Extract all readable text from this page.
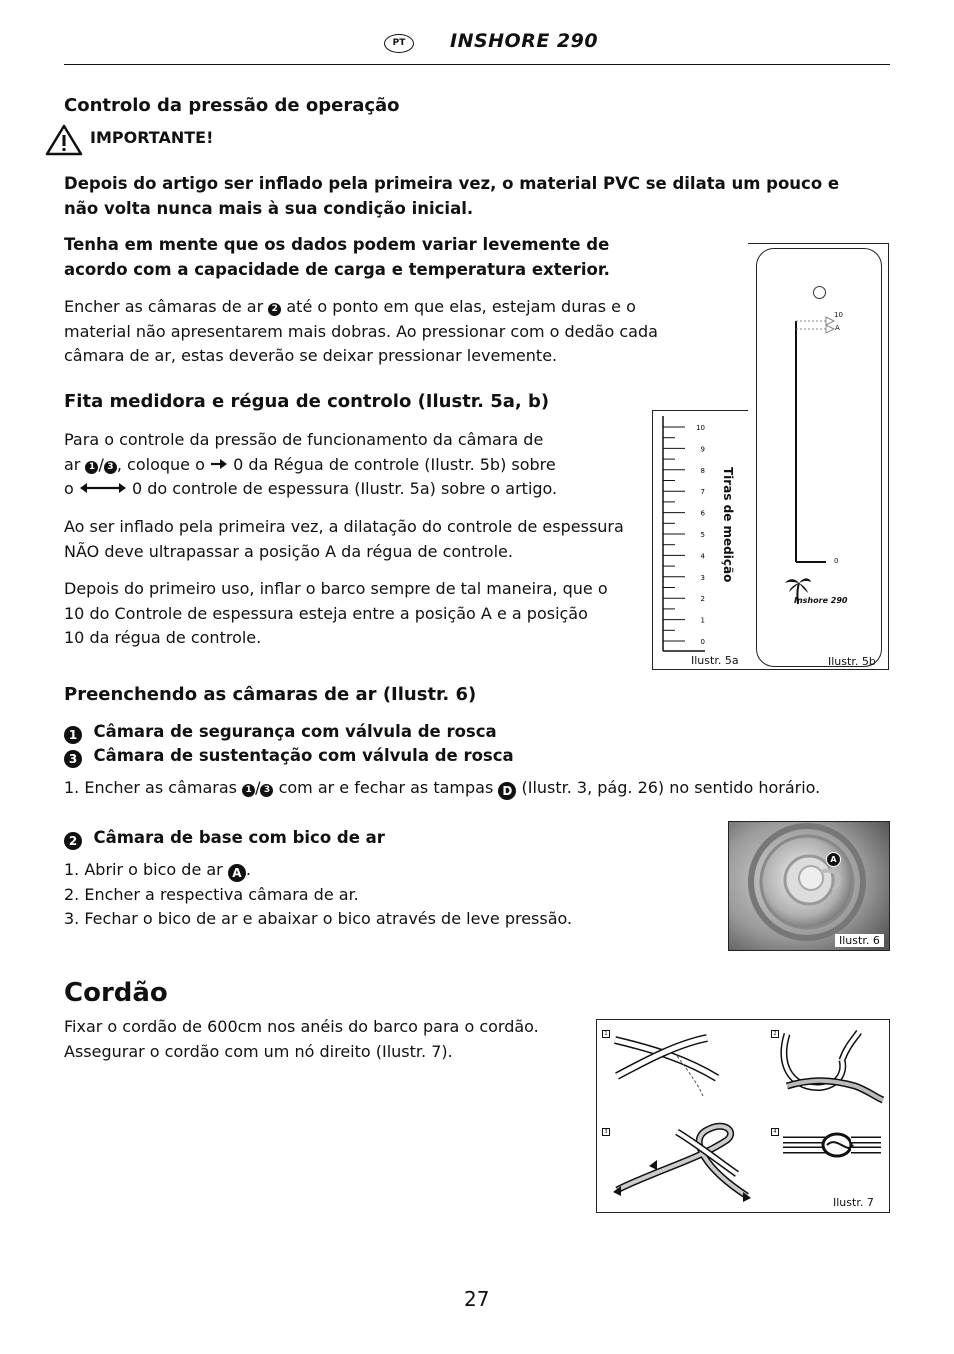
PT	INSHORE 290
Controlo da pressão de operação
IMPORTANTE!
Depois do artigo ser inflado pela primeira vez, o material PVC se dilata um pouco e
não volta nunca mais à sua condição inicial.
Tenha em mente que os dados podem variar levemente de
acordo com a capacidade de carga e temperatura exterior.
Encher as câmaras de ar 2 até o ponto em que elas, estejam duras e o
material não apresentarem mais dobras. Ao pressionar com o dedão cada
câmara de ar, estas deverão se deixar pressionar levemente.
Fita medidora e régua de controlo (Ilustr. 5a, b)
Para o controle da pressão de funcionamento da câmara de
ar 1 / 3 , coloque o 0 da Régua de controle (Ilustr. 5b) sobre
o	0 do controle de espessura (Ilustr. 5a) sobre o artigo.
Ao ser inflado pela primeira vez, a dilatação do controle de espessura
NÃO deve ultrapassar a posição A da régua de controle.
Depois do primeiro uso, inflar o barco sempre de tal maneira, que o
10 do Controle de espessura esteja entre a posição A e a posição
10 da régua de controle.
10
9
8
7
6
5
4
3
2
1
0
Tiras de medição
Ilustr. 5a
10
A
0
Inshore 290
Ilustr. 5b
Preenchendo as câmaras de ar (Ilustr. 6)
1 Câmara de segurança com válvula de rosca
3 Câmara de sustentação com válvula de rosca
1. Encher as câmaras 1 / 3 com ar e fechar as tampas D (Ilustr. 3, pág. 26) no sentido horário.
2 Câmara de base com bico de ar
1. Abrir o bico de ar A .
2. Encher a respectiva câmara de ar.
3. Fechar o bico de ar e abaixar o bico através de leve pressão.
A
Ilustr. 6
Cordão
Fixar o cordão de 600cm nos anéis do barco para o cordão.
Assegurar o cordão com um nó direito (Ilustr. 7).
1	2
3	4
Ilustr. 7
27
